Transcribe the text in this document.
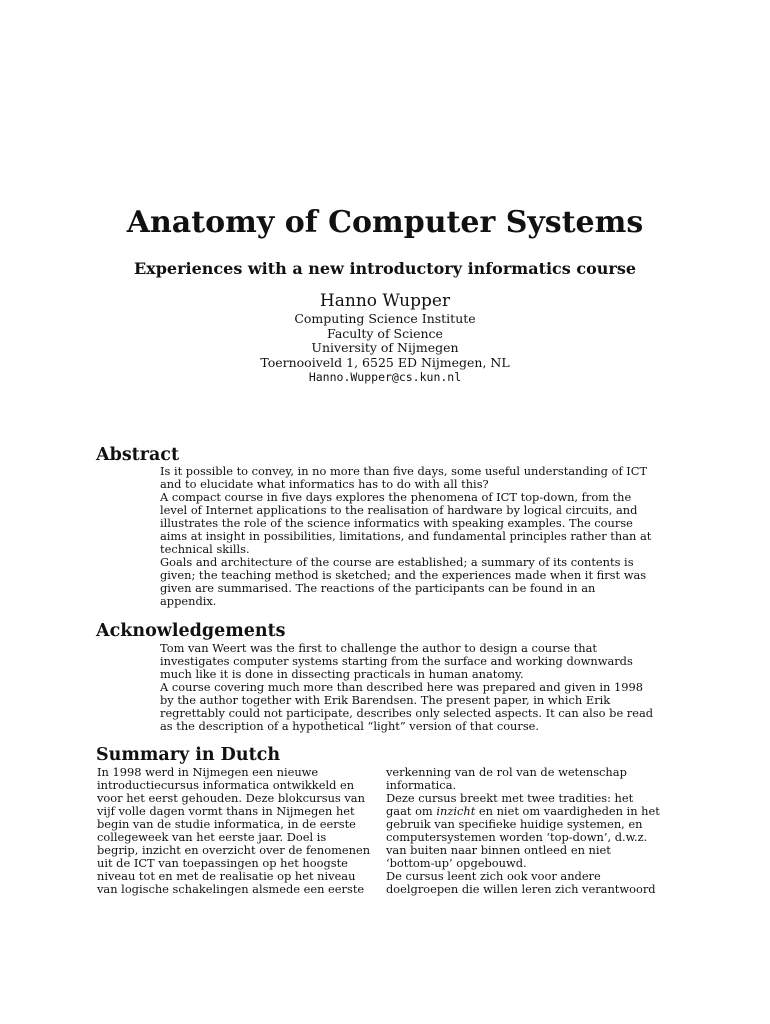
Anatomy of Computer Systems
Experiences with a new introductory informatics course
Hanno Wupper
Computing Science Institute
Faculty of Science
University of Nijmegen
Toernooiveld 1, 6525 ED Nijmegen, NL
Hanno.Wupper@cs.kun.nl
Abstract
Is it possible to convey, in no more than five days, some useful understanding of ICT
and to elucidate what informatics has to do with all this?
A compact course in five days explores the phenomena of ICT top-down, from the
level of Internet applications to the realisation of hardware by logical circuits, and
illustrates the role of the science informatics with speaking examples. The course
aims at insight in possibilities, limitations, and fundamental principles rather than at
technical skills.
Goals and architecture of the course are established; a summary of its contents is
given; the teaching method is sketched; and the experiences made when it first was
given are summarised. The reactions of the participants can be found in an
appendix.
Acknowledgements
Tom van Weert was the first to challenge the author to design a course that
investigates computer systems starting from the surface and working downwards
much like it is done in dissecting practicals in human anatomy.
A course covering much more than described here was prepared and given in 1998
by the author together with Erik Barendsen. The present paper, in which Erik
regrettably could not participate, describes only selected aspects. It can also be read
as the description of a hypothetical “light” version of that course.
Summary in Dutch
In 1998 werd in Nijmegen een nieuwe
introductiecursus informatica ontwikkeld en
voor het eerst gehouden. Deze blokcursus van
vijf volle dagen vormt thans in Nijmegen het
begin van de studie informatica, in de eerste
collegeweek van het eerste jaar. Doel is
begrip, inzicht en overzicht over de fenomenen
uit de ICT van toepassingen op het hoogste
niveau tot en met de realisatie op het niveau
van logische schakelingen alsmede een eerste
verkenning van de rol van de wetenschap
informatica.
Deze cursus breekt met twee tradities: het
gaat om inzicht en niet om vaardigheden in het
gebruik van specifieke huidige systemen, en
computersystemen worden ‘top-down’, d.w.z.
van buiten naar binnen ontleed en niet
‘bottom-up’ opgebouwd.
De cursus leent zich ook voor andere
doelgroepen die willen leren zich verantwoord
